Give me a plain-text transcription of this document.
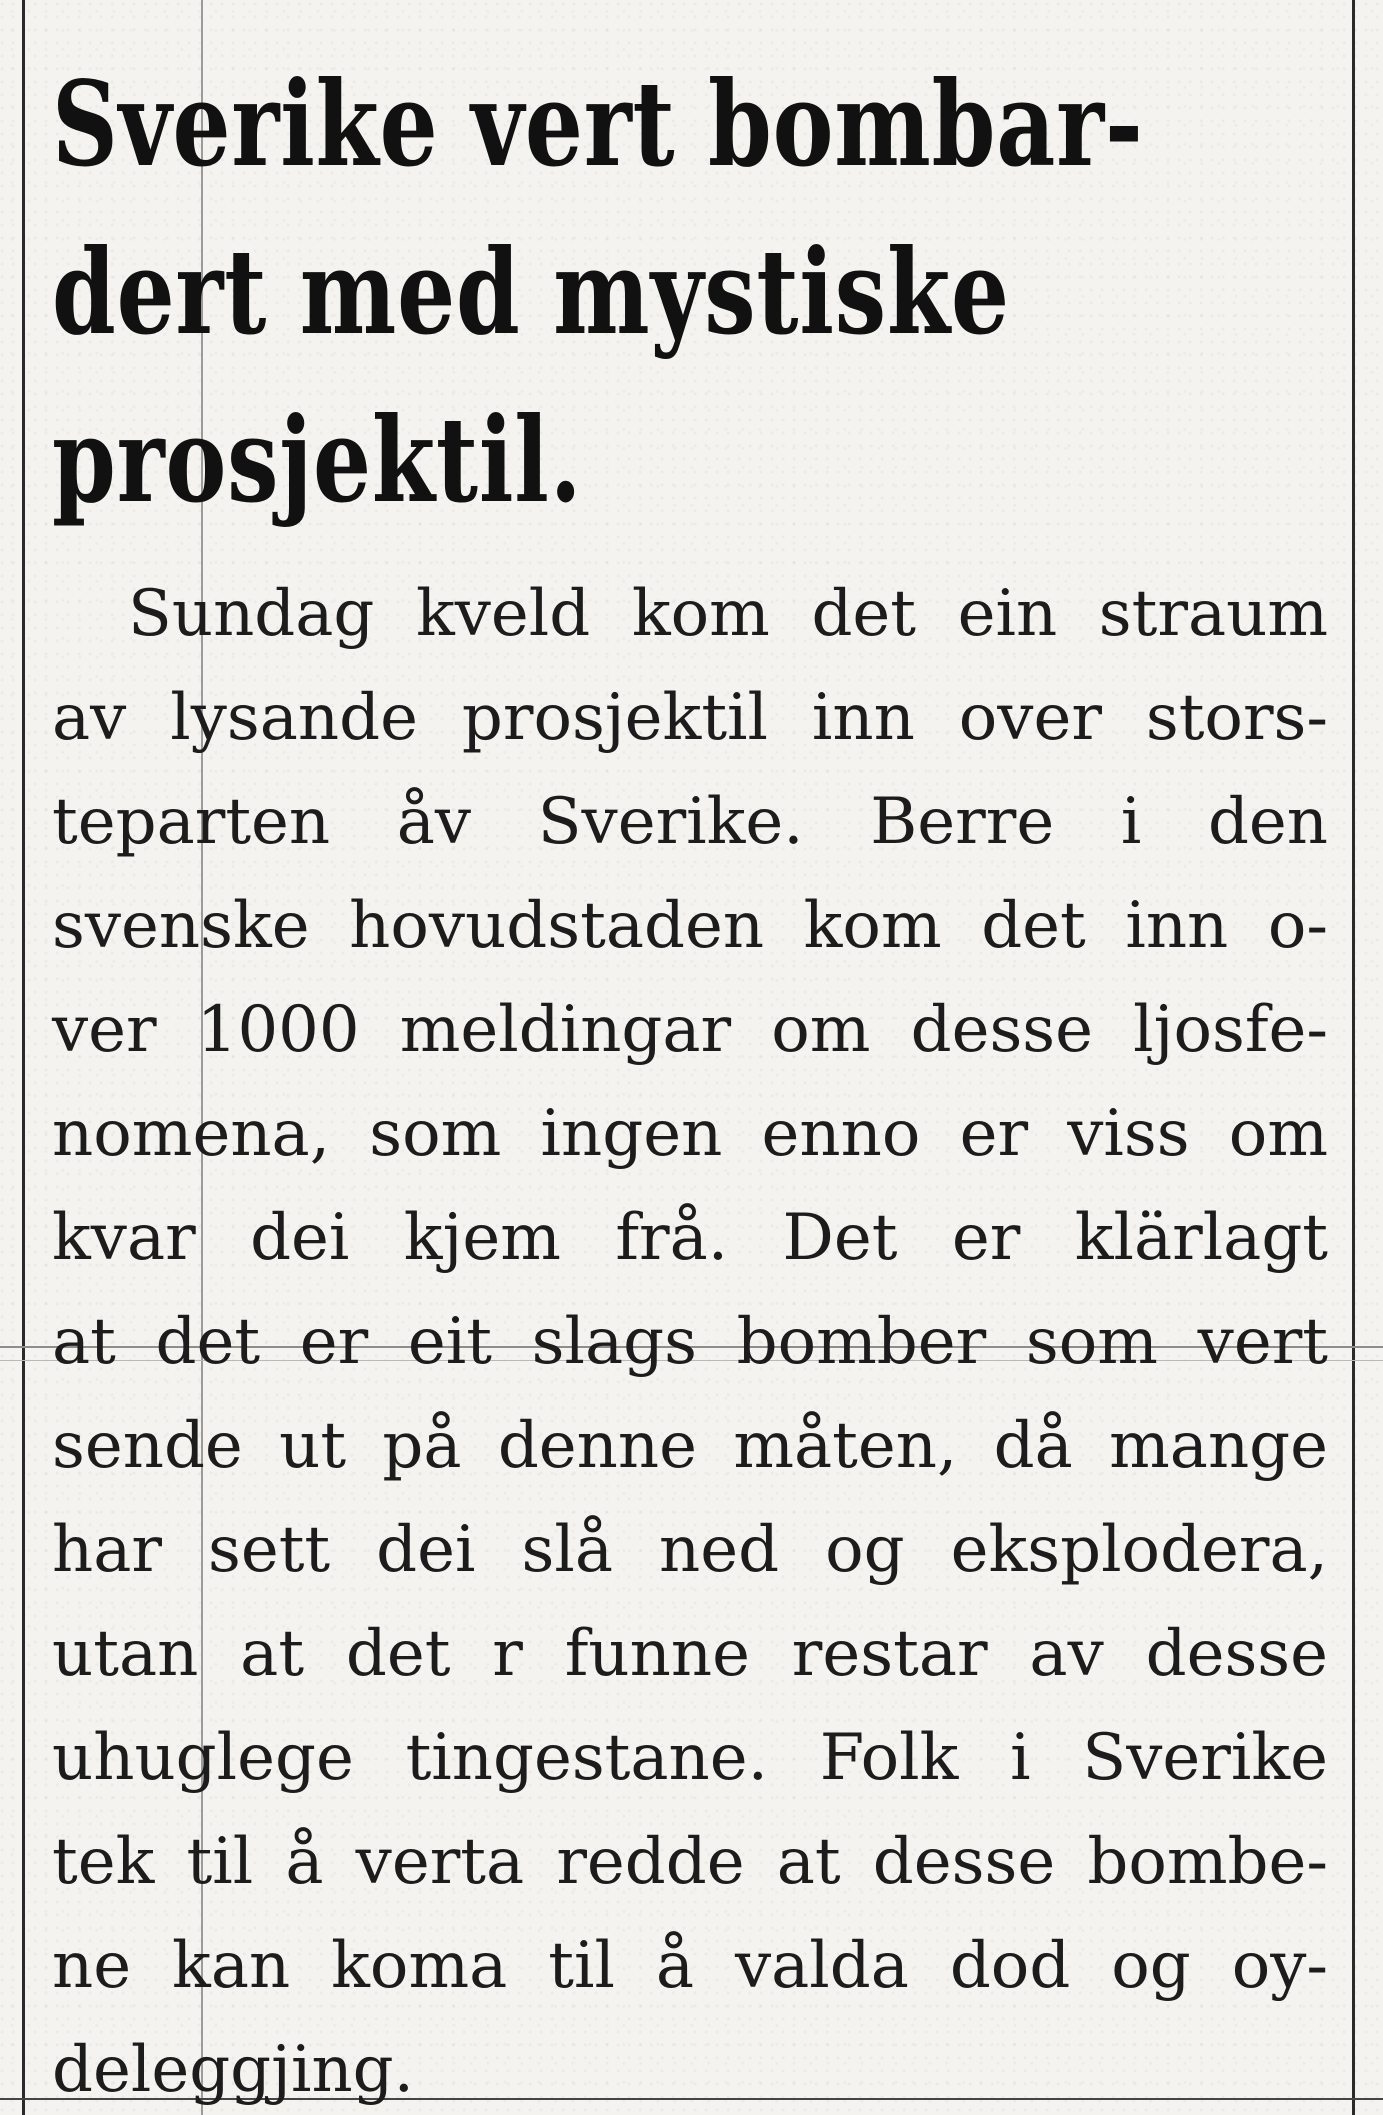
Sverike vert bombar-
dert med mystiske
prosjektil.

Sundag kveld kom det ein straum
av lysande prosjektil inn over stors-
teparten åv Sverike. Berre i den
svenske hovudstaden kom det inn o-
ver 1000 meldingar om desse ljosfe-
nomena, som ingen enno er viss om
kvar dei kjem frå. Det er klärlagt
at det er eit slags bomber som vert
sende ut på denne måten, då mange
har sett dei slå ned og eksplodera,
utan at det r funne restar av desse
uhuglege tingestane. Folk i Sverike
tek til å verta redde at desse bombe-
ne kan koma til å valda dod og oy-
deleggjing.
